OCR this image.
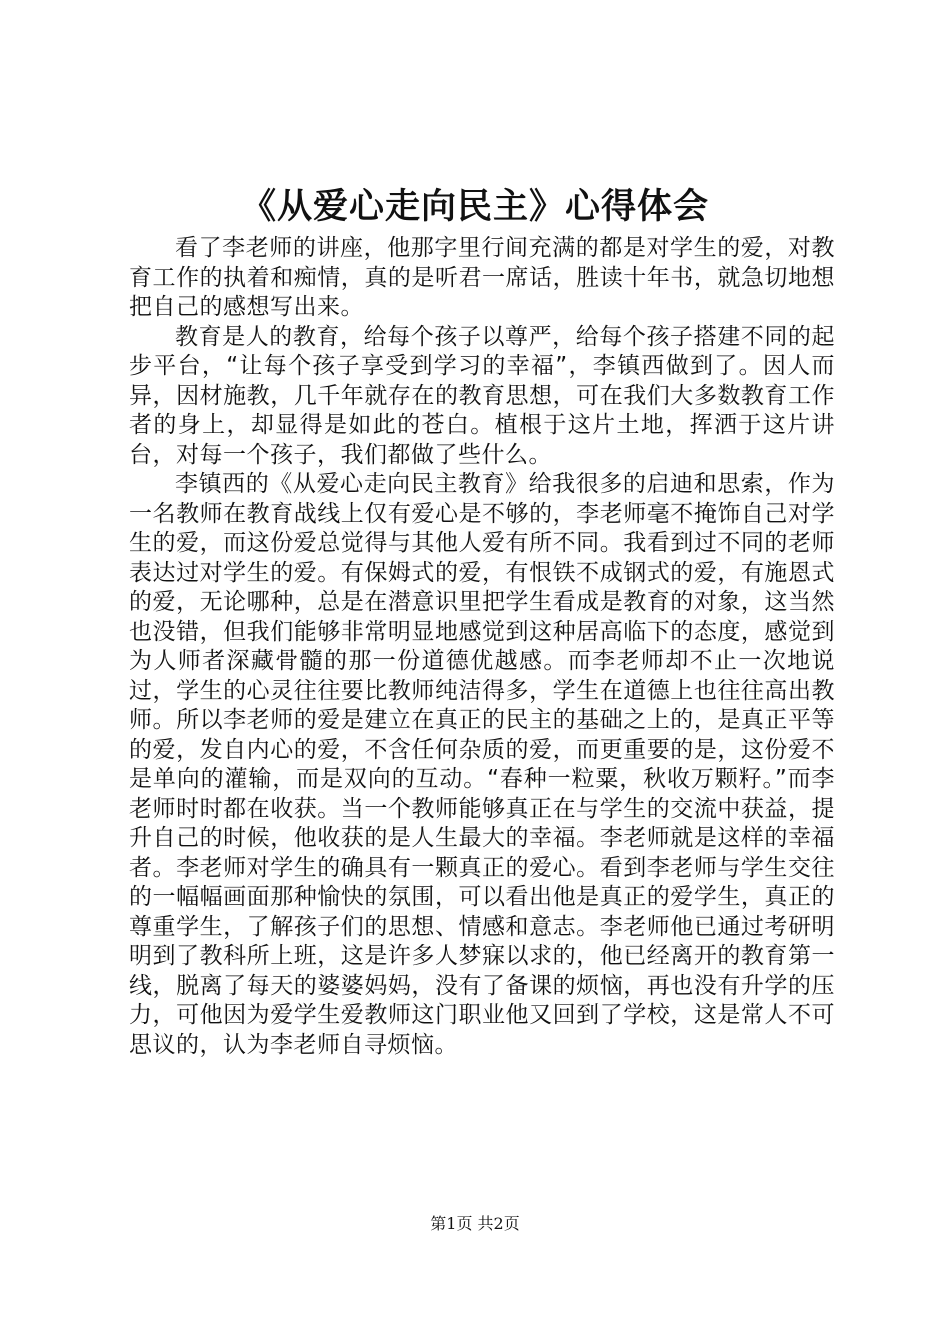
《从爱心走向民主》心得体会

看了李老师的讲座，他那字里行间充满的都是对学生的爱，对教育工作的执着和痴情，真的是听君一席话，胜读十年书，就急切地想把自己的感想写出来。

教育是人的教育，给每个孩子以尊严，给每个孩子搭建不同的起步平台，“让每个孩子享受到学习的幸福”，李镇西做到了。因人而异，因材施教，几千年就存在的教育思想，可在我们大多数教育工作者的身上，却显得是如此的苍白。植根于这片土地，挥洒于这片讲台，对每一个孩子，我们都做了些什么。

李镇西的《从爱心走向民主教育》给我很多的启迪和思索，作为一名教师在教育战线上仅有爱心是不够的，李老师毫不掩饰自己对学生的爱，而这份爱总觉得与其他人爱有所不同。我看到过不同的老师表达过对学生的爱。有保姆式的爱，有恨铁不成钢式的爱，有施恩式的爱，无论哪种，总是在潜意识里把学生看成是教育的对象，这当然也没错，但我们能够非常明显地感觉到这种居高临下的态度，感觉到为人师者深藏骨髓的那一份道德优越感。而李老师却不止一次地说过，学生的心灵往往要比教师纯洁得多，学生在道德上也往往高出教师。所以李老师的爱是建立在真正的民主的基础之上的，是真正平等的爱，发自内心的爱，不含任何杂质的爱，而更重要的是，这份爱不是单向的灌输，而是双向的互动。“春种一粒粟，秋收万颗籽。”而李老师时时都在收获。当一个教师能够真正在与学生的交流中获益，提升自己的时候，他收获的是人生最大的幸福。李老师就是这样的幸福者。李老师对学生的确具有一颗真正的爱心。看到李老师与学生交往的一幅幅画面那种愉快的氛围，可以看出他是真正的爱学生，真正的尊重学生，了解孩子们的思想、情感和意志。李老师他已通过考研明明到了教科所上班，这是许多人梦寐以求的，他已经离开的教育第一线，脱离了每天的婆婆妈妈，没有了备课的烦恼，再也没有升学的压力，可他因为爱学生爱教师这门职业他又回到了学校，这是常人不可思议的，认为李老师自寻烦恼。

第1页 共2页
